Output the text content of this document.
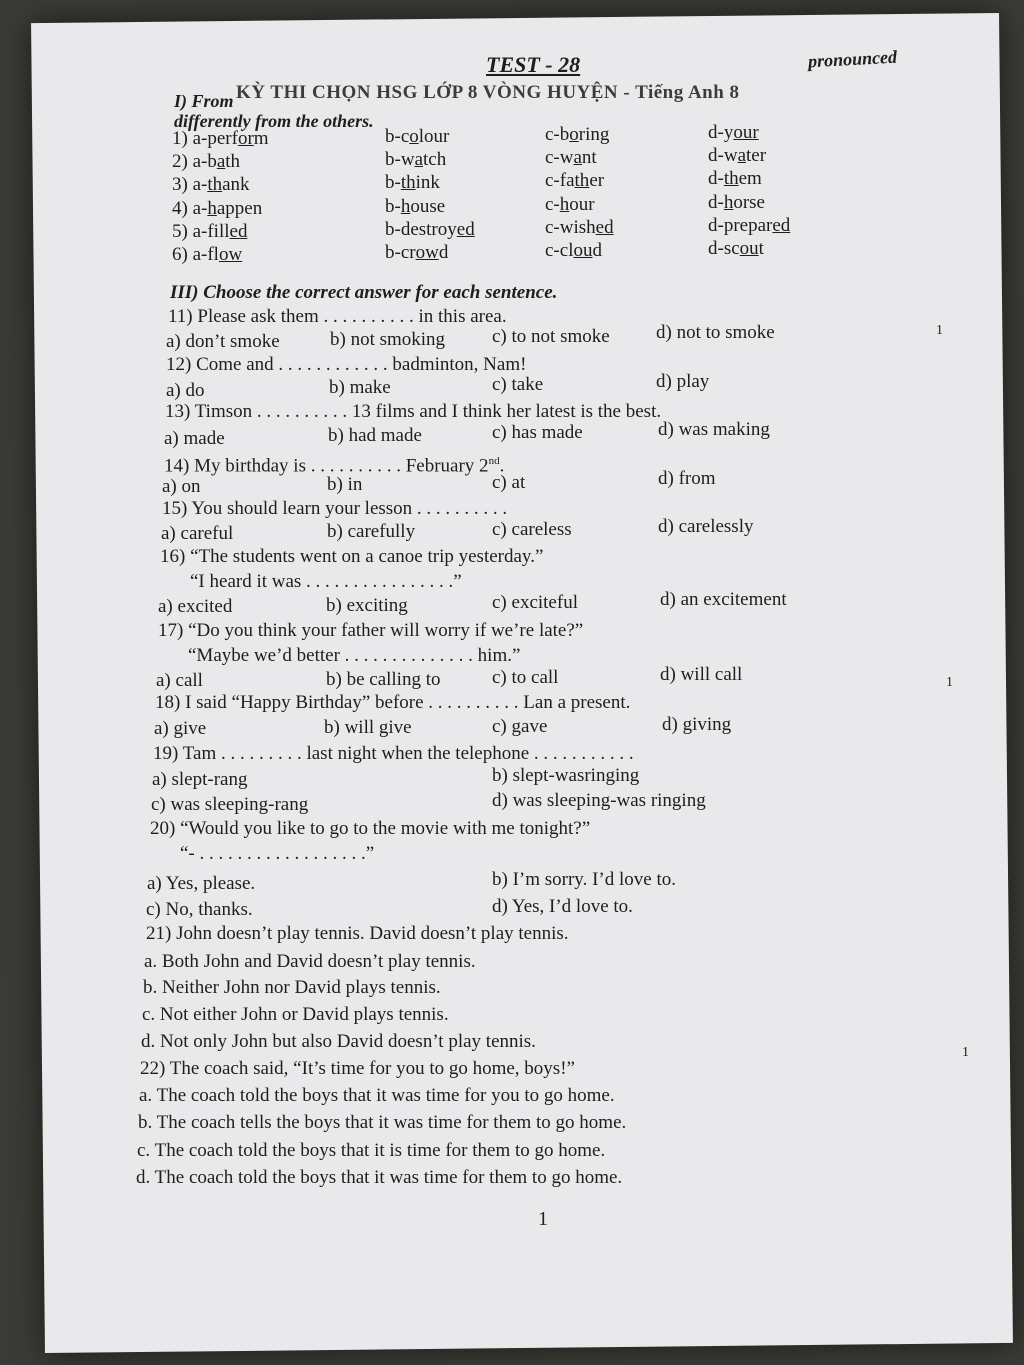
TEST - 28
I) From KỲ THI CHỌN HSG LỚP 8 VÒNG HUYỆN - Tiếng Anh 8
pronounced
differently from the others.
1) a-perform	b-colour	c-boring	d-your
2) a-bath	b-watch	c-want	d-water
3) a-thank	b-think	c-father	d-them
4) a-happen	b-house	c-hour	d-horse
5) a-filled	b-destroyed	c-wished	d-prepared
6) a-flow	b-crowd	c-cloud	d-scout
III) Choose the correct answer for each sentence.
11) Please ask them . . . . . . . . . . in this area.
a) don’t smoke	b) not smoking c) to not smoke d) not to smoke
12) Come and . . . . . . . . . . . . badminton, Nam!
a) do	b) make	c) take	d) play
13) Timson . . . . . . . . . . 13 films and I think her latest is the best.
a) made	b) had made	c) has made	d) was making
14) My birthday is . . . . . . . . . . February 2nd.
a) on	b) in	c) at	d) from
15) You should learn your lesson . . . . . . . . . .
a) careful	b) carefully	c) careless	d) carelessly
16) “The students went on a canoe trip yesterday.”
“I heard it was . . . . . . . . . . . . . . . .”
a) excited	b) exciting	c) exciteful	d) an excitement
17) “Do you think your father will worry if we’re late?”
“Maybe we’d better . . . . . . . . . . . . . . him.”
a) call	b) be calling to	c) to call	d) will call
18) I said “Happy Birthday” before . . . . . . . . . . Lan a present.
a) give	b) will give	c) gave	d) giving
19) Tam . . . . . . . . . last night when the telephone . . . . . . . . . . .
a) slept-rang	b) slept-wasringing
c) was sleeping-rang	d) was sleeping-was ringing
20) “Would you like to go to the movie with me tonight?”
“- . . . . . . . . . . . . . . . . . .”
a) Yes, please.	b) I’m sorry. I’d love to.
c) No, thanks.	d) Yes, I’d love to.
21) John doesn’t play tennis. David doesn’t play tennis.
a. Both John and David doesn’t play tennis.
b. Neither John nor David plays tennis.
c. Not either John or David plays tennis.
d. Not only John but also David doesn’t play tennis.
22) The coach said, “It’s time for you to go home, boys!”
a. The coach told the boys that it was time for you to go home.
b. The coach tells the boys that it was time for them to go home.
c. The coach told the boys that it is time for them to go home.
d. The coach told the boys that it was time for them to go home.
1
1
1
1
